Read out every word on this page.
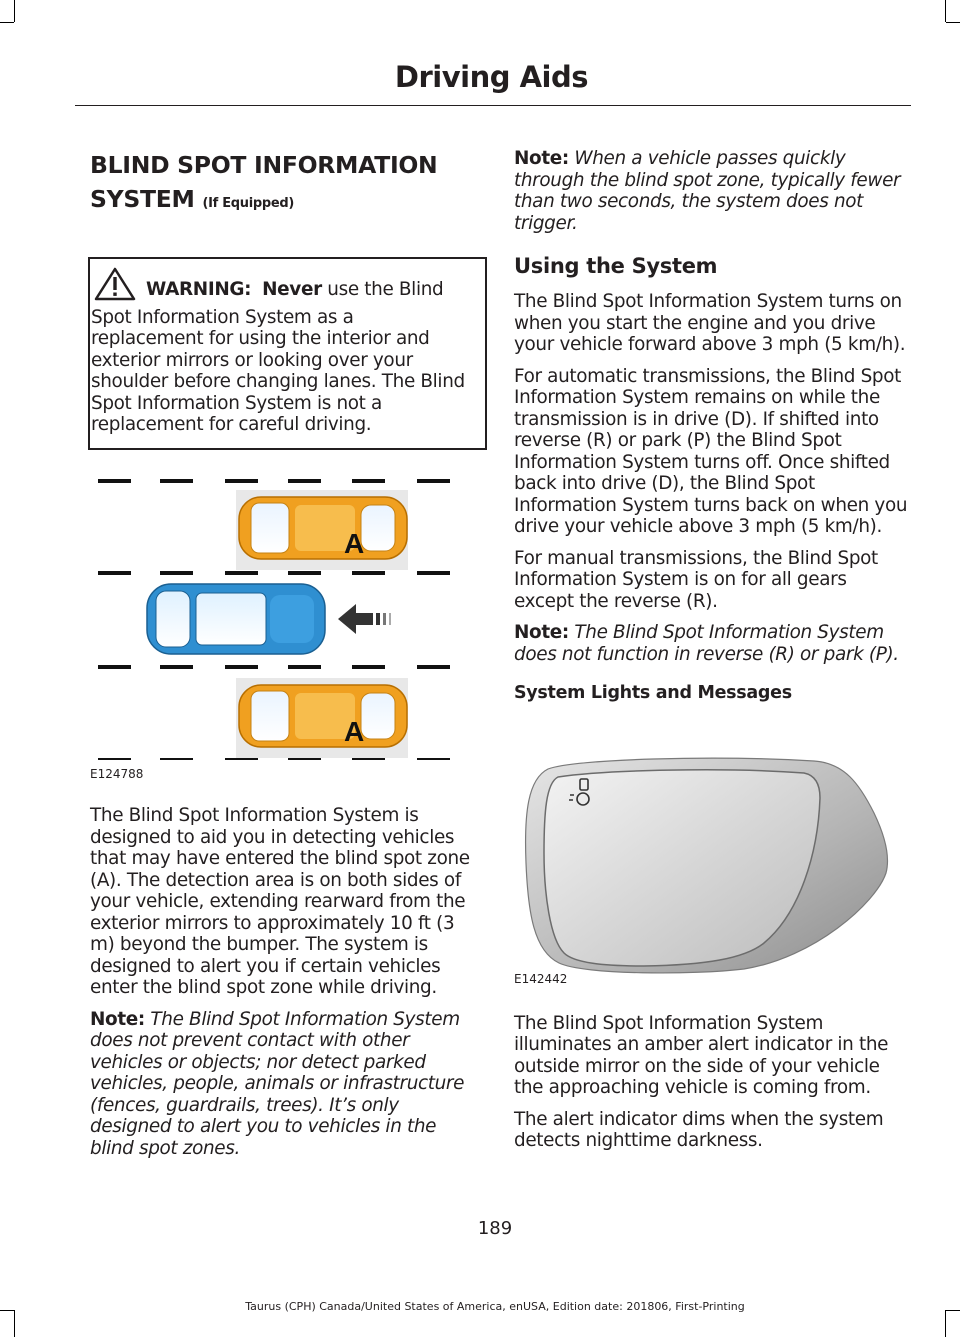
Driving Aids
BLIND SPOT INFORMATION SYSTEM (If Equipped)

WARNING: Never use the Blind Spot Information System as a replacement for using the interior and exterior mirrors or looking over your shoulder before changing lanes. The Blind Spot Information System is not a replacement for careful driving.

A
A

E124788

The Blind Spot Information System is designed to aid you in detecting vehicles that may have entered the blind spot zone (A). The detection area is on both sides of your vehicle, extending rearward from the exterior mirrors to approximately 10 ft (3 m) beyond the bumper. The system is designed to alert you if certain vehicles enter the blind spot zone while driving.

Note: The Blind Spot Information System does not prevent contact with other vehicles or objects; nor detect parked vehicles, people, animals or infrastructure (fences, guardrails, trees). It’s only designed to alert you to vehicles in the blind spot zones.

Note: When a vehicle passes quickly through the blind spot zone, typically fewer than two seconds, the system does not trigger.

Using the System

The Blind Spot Information System turns on when you start the engine and you drive your vehicle forward above 3 mph (5 km/h).

For automatic transmissions, the Blind Spot Information System remains on while the transmission is in drive (D). If shifted into reverse (R) or park (P) the Blind Spot Information System turns off. Once shifted back into drive (D), the Blind Spot Information System turns back on when you drive your vehicle above 3 mph (5 km/h).

For manual transmissions, the Blind Spot Information System is on for all gears except the reverse (R).

Note: The Blind Spot Information System does not function in reverse (R) or park (P).

System Lights and Messages

E142442

The Blind Spot Information System illuminates an amber alert indicator in the outside mirror on the side of your vehicle the approaching vehicle is coming from.

The alert indicator dims when the system detects nighttime darkness.

189
Taurus (CPH) Canada/United States of America, enUSA, Edition date: 201806, First-Printing
